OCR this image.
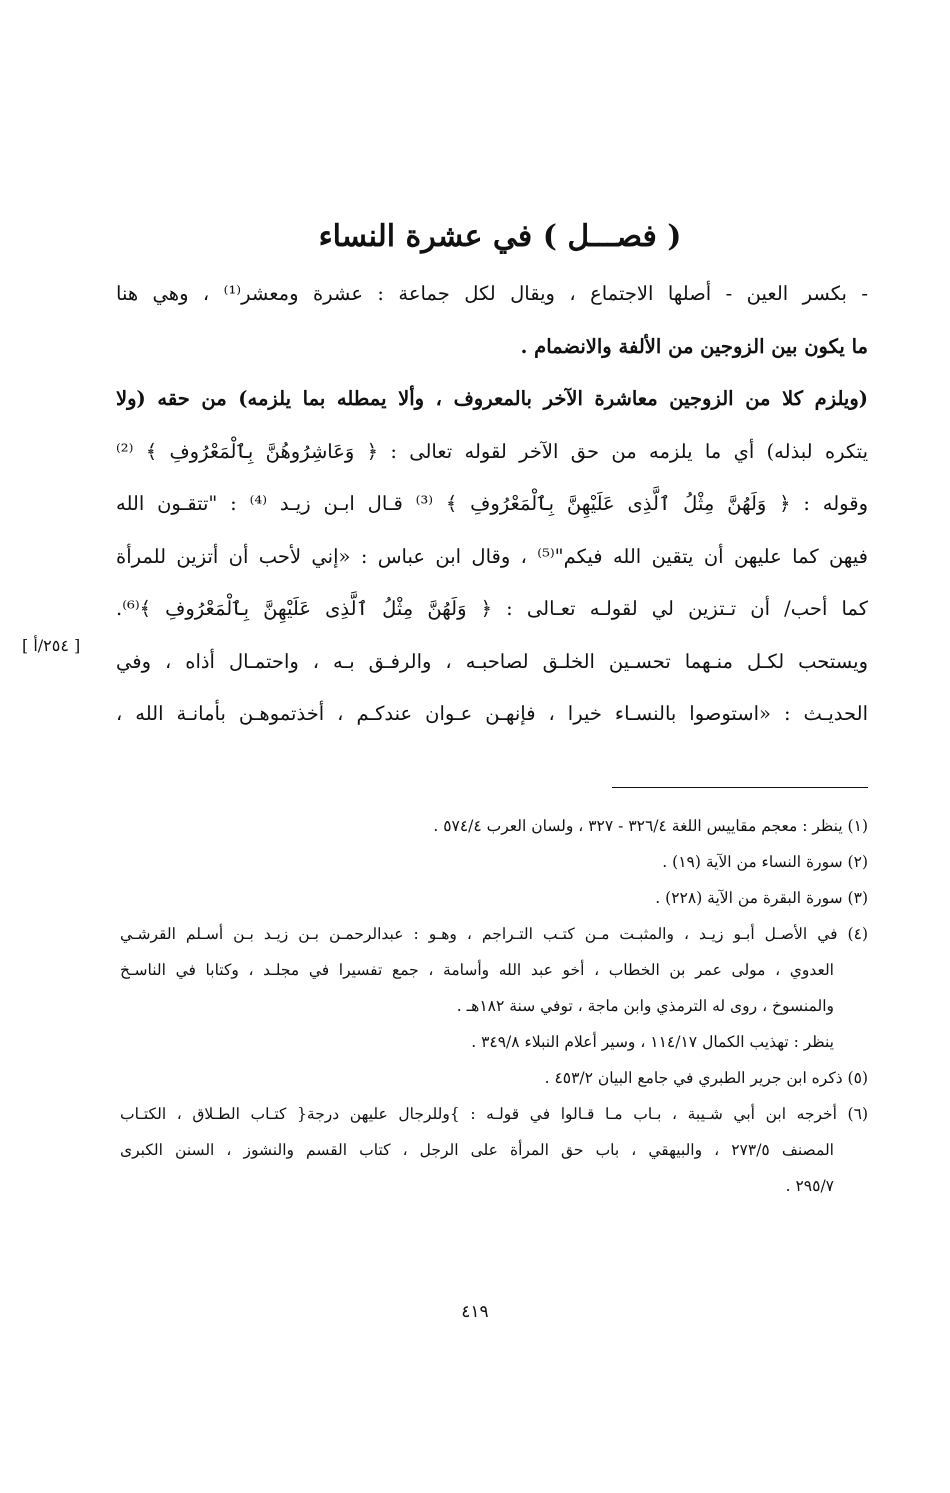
( فصـــل ) في عشرة النساء
- بكسر العين - أصلها الاجتماع ، ويقال لكل جماعة : عشرة ومعشر⁽¹⁾ ، وهي هنا
ما يكون بين الزوجين من الألفة والانضمام .
(ويلزم كلا من الزوجين معاشرة الآخر بالمعروف ، وألا يمطله بما يلزمه) من حقه (ولا
يتكره لبذله) أي ما يلزمه من حق الآخر لقوله تعالى : ﴿ وَعَاشِرُوهُنَّ بِٱلْمَعْرُوفِ ﴾ ⁽²⁾
وقوله : ﴿ وَلَهُنَّ مِثْلُ ٱلَّذِى عَلَيْهِنَّ بِٱلْمَعْرُوفِ ﴾ ⁽³⁾ قـال ابـن زيـد ⁽⁴⁾ : "تتقـون الله
فيهن كما عليهن أن يتقين الله فيكم"⁽⁵⁾ ، وقال ابن عباس : «إني لأحب أن أتزين للمرأة
كما أحب/ أن تـتزين لي لقولـه تعـالى : ﴿ وَلَهُنَّ مِثْلُ ٱلَّذِى عَلَيْهِنَّ بِٱلْمَعْرُوفِ ﴾⁽⁶⁾.
ويستحب لكـل منـهما تحسـين الخلـق لصاحبـه ، والرفـق بـه ، واحتمـال أذاه ، وفي
الحديـث : «استوصوا بالنسـاء خيرا ، فإنهـن عـوان عندكـم ، أخذتموهـن بأمانـة الله ،
[ ٢٥٤/أ ]
(١) ينظر : معجم مقاييس اللغة ٣٢٦/٤ - ٣٢٧ ، ولسان العرب ٥٧٤/٤ .
(٢) سورة النساء من الآية (١٩) .
(٣) سورة البقرة من الآية (٢٢٨) .
(٤) في الأصـل أبـو زيـد ، والمثبـت مـن كتـب التـراجم ، وهـو : عبدالرحمـن بـن زيـد بـن أسـلم القرشـي
العدوي ، مولى عمر بن الخطاب ، أخو عبد الله وأسامة ، جمع تفسيرا في مجلـد ، وكتابا في الناسـخ
والمنسوخ ، روى له الترمذي وابن ماجة ، توفي سنة ١٨٢هـ .
ينظر : تهذيب الكمال ١١٤/١٧ ، وسير أعلام النبلاء ٣٤٩/٨ .
(٥) ذكره ابن جرير الطبري في جامع البيان ٤٥٣/٢ .
(٦) أخرجه ابن أبي شـيبة ، بـاب مـا قـالوا في قولـه : }وللرجال عليهن درجة{ كتـاب الطـلاق ، الكتـاب
المصنف ٢٧٣/٥ ، والبيهقي ، باب حق المرأة على الرجل ، كتاب القسم والنشوز ، السنن الكبرى
٢٩٥/٧ .
٤١٩
